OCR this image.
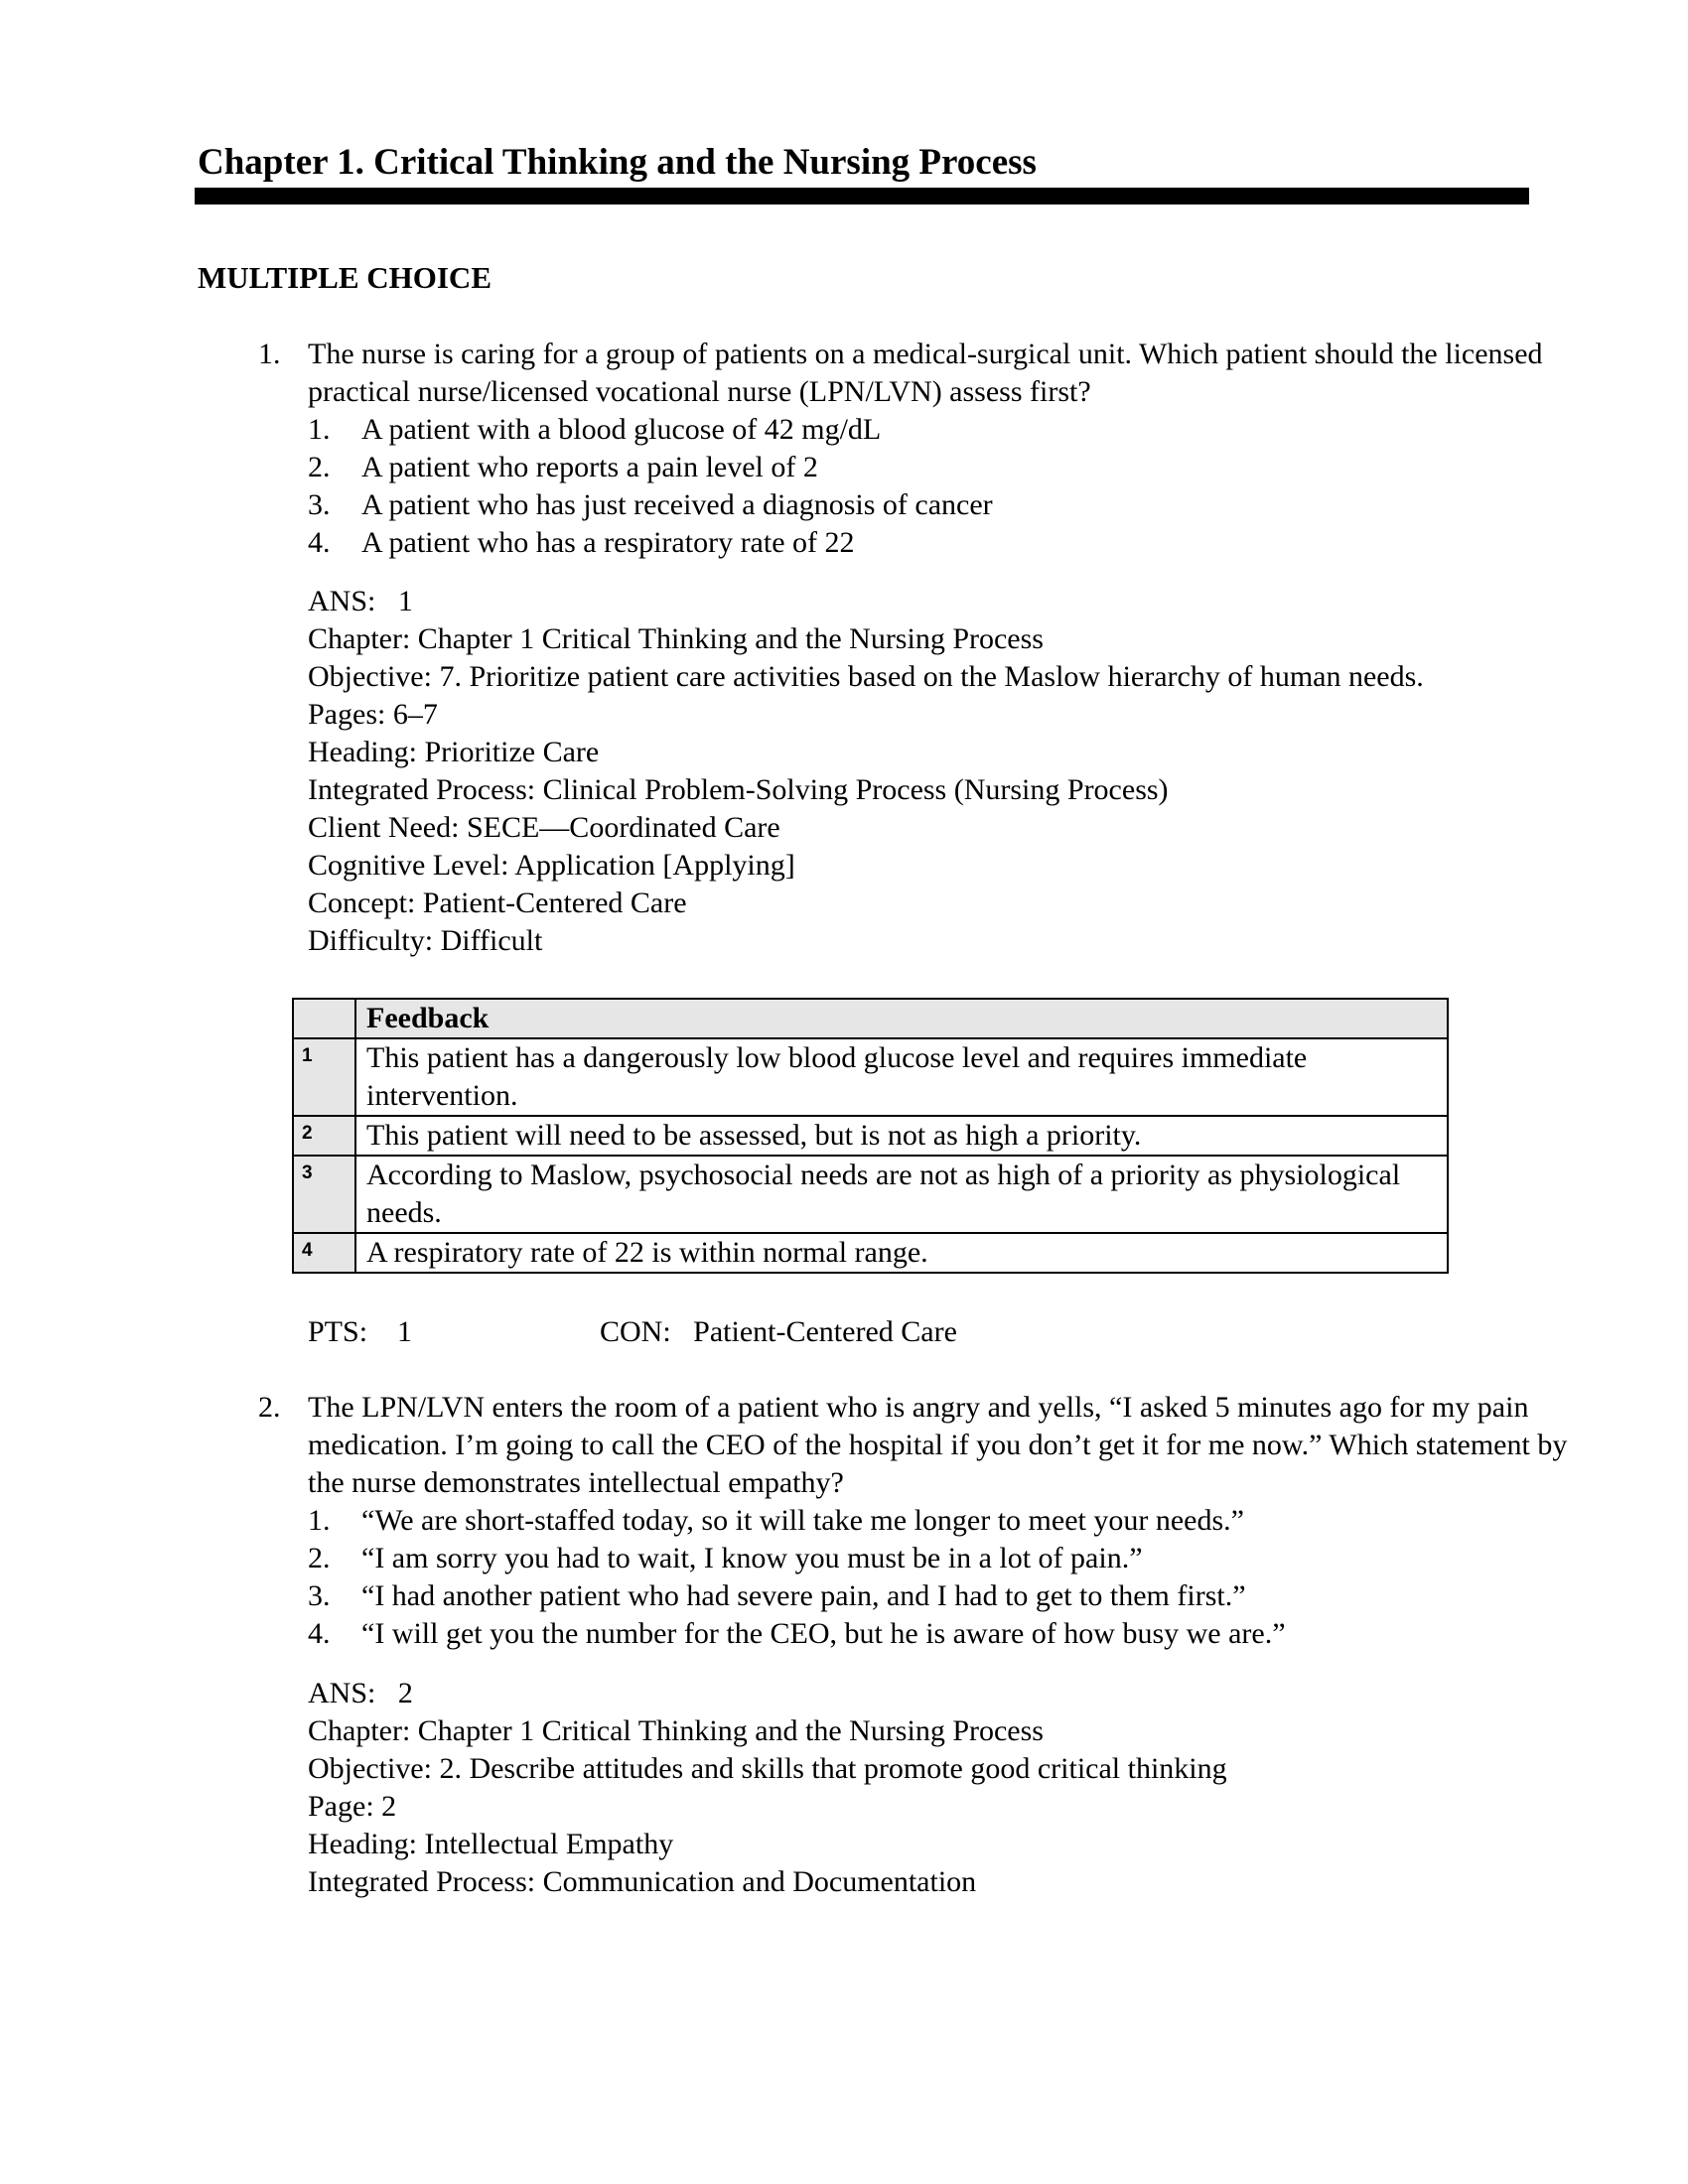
Chapter 1. Critical Thinking and the Nursing Process
MULTIPLE CHOICE
1. The nurse is caring for a group of patients on a medical-surgical unit. Which patient should the licensed practical nurse/licensed vocational nurse (LPN/LVN) assess first?
1. A patient with a blood glucose of 42 mg/dL
2. A patient who reports a pain level of 2
3. A patient who has just received a diagnosis of cancer
4. A patient who has a respiratory rate of 22
ANS:   1
Chapter: Chapter 1 Critical Thinking and the Nursing Process
Objective: 7. Prioritize patient care activities based on the Maslow hierarchy of human needs.
Pages: 6–7
Heading: Prioritize Care
Integrated Process: Clinical Problem-Solving Process (Nursing Process)
Client Need: SECE—Coordinated Care
Cognitive Level: Application [Applying]
Concept: Patient-Centered Care
Difficulty: Difficult
	Feedback
1	This patient has a dangerously low blood glucose level and requires immediate intervention.
2	This patient will need to be assessed, but is not as high a priority.
3	According to Maslow, psychosocial needs are not as high of a priority as physiological needs.
4	A respiratory rate of 22 is within normal range.
PTS:    1	CON:   Patient-Centered Care
2. The LPN/LVN enters the room of a patient who is angry and yells, “I asked 5 minutes ago for my pain medication. I’m going to call the CEO of the hospital if you don’t get it for me now.” Which statement by the nurse demonstrates intellectual empathy?
1. “We are short-staffed today, so it will take me longer to meet your needs.”
2. “I am sorry you had to wait, I know you must be in a lot of pain.”
3. “I had another patient who had severe pain, and I had to get to them first.”
4. “I will get you the number for the CEO, but he is aware of how busy we are.”
ANS:   2
Chapter: Chapter 1 Critical Thinking and the Nursing Process
Objective: 2. Describe attitudes and skills that promote good critical thinking
Page: 2
Heading: Intellectual Empathy
Integrated Process: Communication and Documentation
